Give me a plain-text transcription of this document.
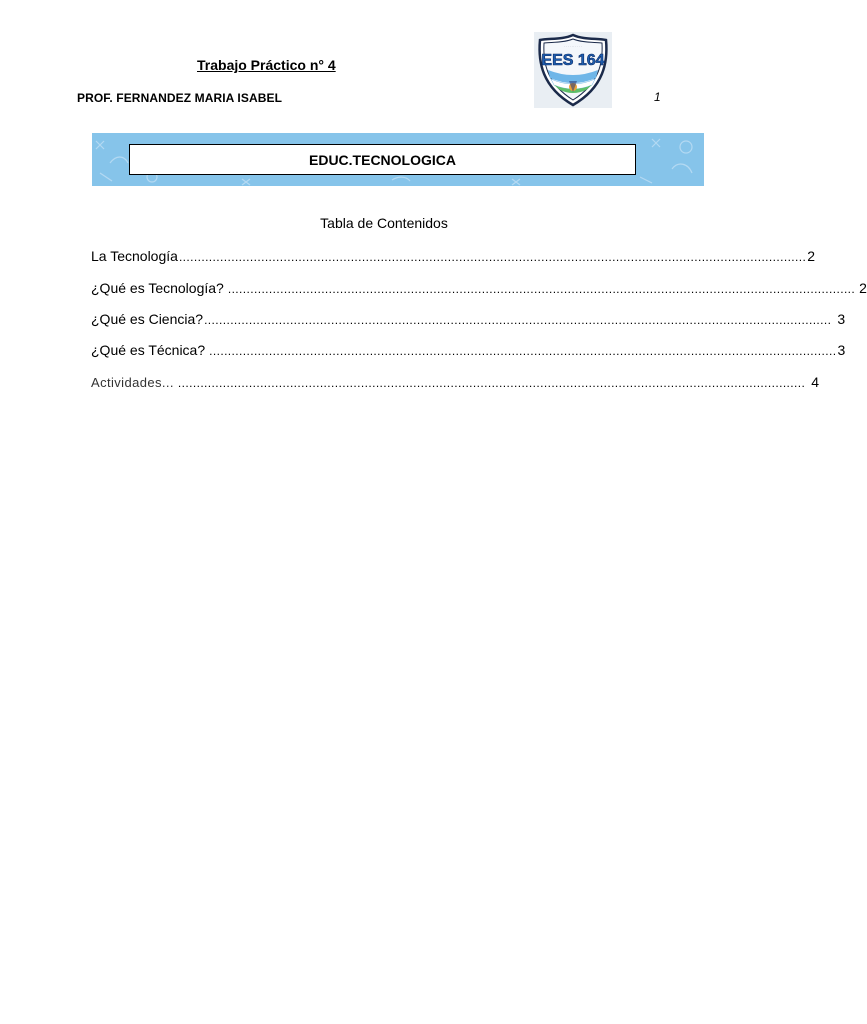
Trabajo Práctico n° 4
PROF. FERNANDEZ MARIA ISABEL	1
EES 164
· · · · · · · · · ·
EDUC.TECNOLOGICA
Tabla de Contenidos
La Tecnología ........................................................................................................................................................................ 2
¿Qué es Tecnología? ........................................................................................................................................................................ 2
¿Qué es Ciencia? ........................................................................................................................................................................ 3
¿Qué es Técnica? ........................................................................................................................................................................ 3
Actividades... ........................................................................................................................................................................ 4
